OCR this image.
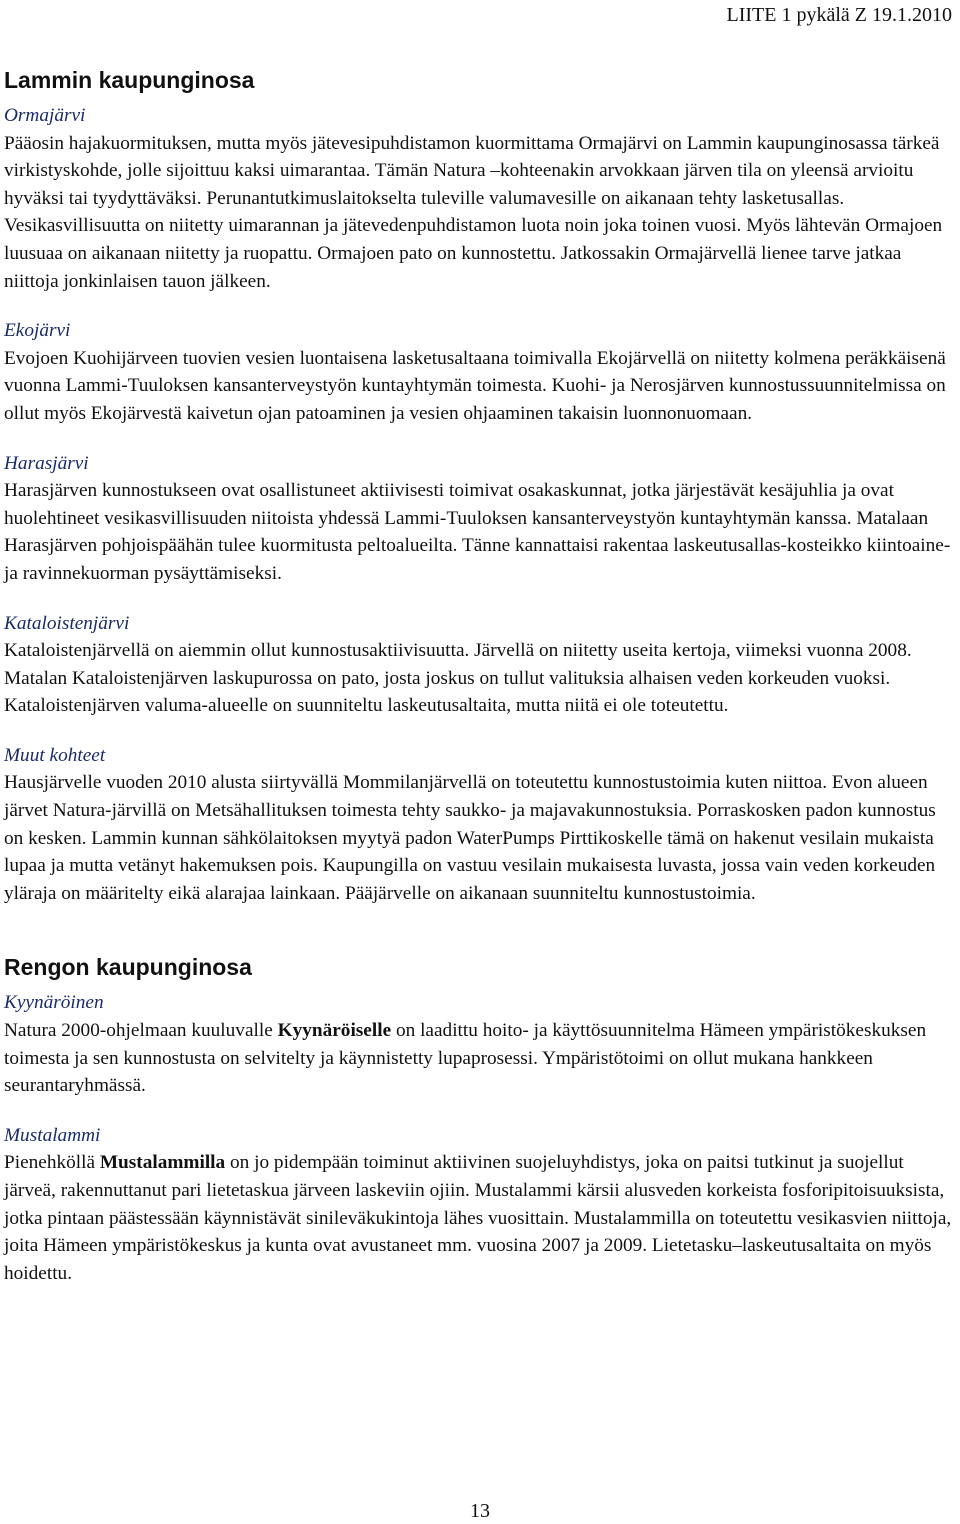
LIITE 1 pykälä Z 19.1.2010
Lammin kaupunginosa
Ormajärvi

Pääosin hajakuormituksen, mutta myös jätevesipuhdistamon kuormittama Ormajärvi on Lammin kaupunginosassa tärkeä virkistyskohde, jolle sijoittuu kaksi uimarantaa. Tämän Natura –kohteenakin arvokkaan järven tila on yleensä arvioitu hyväksi tai tyydyttäväksi. Perunantutkimuslaitokselta tuleville valumavesille on aikanaan tehty lasketusallas. Vesikasvillisuutta on niitetty uimarannan ja jätevedenpuhdistamon luota noin joka toinen vuosi. Myös lähtevän Ormajoen luusuaa on aikanaan niitetty ja ruopattu. Ormajoen pato on kunnostettu. Jatkossakin Ormajärvellä lienee tarve jatkaa niittoja jonkinlaisen tauon jälkeen.

Ekojärvi

Evojoen Kuohijärveen tuovien vesien luontaisena lasketusaltaana toimivalla Ekojärvellä on niitetty kolmena peräkkäisenä vuonna Lammi-Tuuloksen kansanterveystyön kuntayhtymän toimesta. Kuohi- ja Nerosjärven kunnostussuunnitelmissa on ollut myös Ekojärvestä kaivetun ojan patoaminen ja vesien ohjaaminen takaisin luonnonuomaan.

Harasjärvi

Harasjärven kunnostukseen ovat osallistuneet aktiivisesti toimivat osakaskunnat, jotka järjestävät kesäjuhlia ja ovat huolehtineet vesikasvillisuuden niitoista yhdessä Lammi-Tuuloksen kansanterveystyön kuntayhtymän kanssa. Matalaan Harasjärven pohjoispäähän tulee kuormitusta peltoalueilta. Tänne kannattaisi rakentaa laskeutusallas-kosteikko kiintoaine- ja ravinnekuorman pysäyttämiseksi.

Kataloistenjärvi

Kataloistenjärvellä on aiemmin ollut kunnostusaktiivisuutta. Järvellä on niitetty useita kertoja, viimeksi vuonna 2008. Matalan Kataloistenjärven laskupurossa on pato, josta joskus on tullut valituksia alhaisen veden korkeuden vuoksi. Kataloistenjärven valuma-alueelle on suunniteltu laskeutusaltaita, mutta niitä ei ole toteutettu.

Muut kohteet

Hausjärvelle vuoden 2010 alusta siirtyvällä Mommilanjärvellä on toteutettu kunnostustoimia kuten niittoa. Evon alueen järvet Natura-järvillä on Metsähallituksen toimesta tehty saukko- ja majavakunnostuksia. Porraskosken padon kunnostus on kesken. Lammin kunnan sähkölaitoksen myytyä padon WaterPumps Pirttikoskelle tämä on hakenut vesilain mukaista lupaa ja mutta vetänyt hakemuksen pois. Kaupungilla on vastuu vesilain mukaisesta luvasta, jossa vain veden korkeuden yläraja on määritelty eikä alarajaa lainkaan. Pääjärvelle on aikanaan suunniteltu kunnostustoimia.

Rengon kaupunginosa
Kyynäröinen

Natura 2000-ohjelmaan kuuluvalle Kyynäröiselle on laadittu hoito- ja käyttösuunnitelma Hämeen ympäristökeskuksen toimesta ja sen kunnostusta on selvitelty ja käynnistetty lupaprosessi. Ympäristötoimi on ollut mukana hankkeen seurantaryhmässä.

Mustalammi

Pienehköllä Mustalammilla on jo pidempään toiminut aktiivinen suojeluyhdistys, joka on paitsi tutkinut ja suojellut järveä, rakennuttanut pari lietetaskua järveen laskeviin ojiin. Mustalammi kärsii alusveden korkeista fosforipitoisuuksista, jotka pintaan päästessään käynnistävät sinileväkukintoja lähes vuosittain. Mustalammilla on toteutettu vesikasvien niittoja, joita Hämeen ympäristökeskus ja kunta ovat avustaneet mm. vuosina 2007 ja 2009. Lietetasku–laskeutusaltaita on myös hoidettu.

13
